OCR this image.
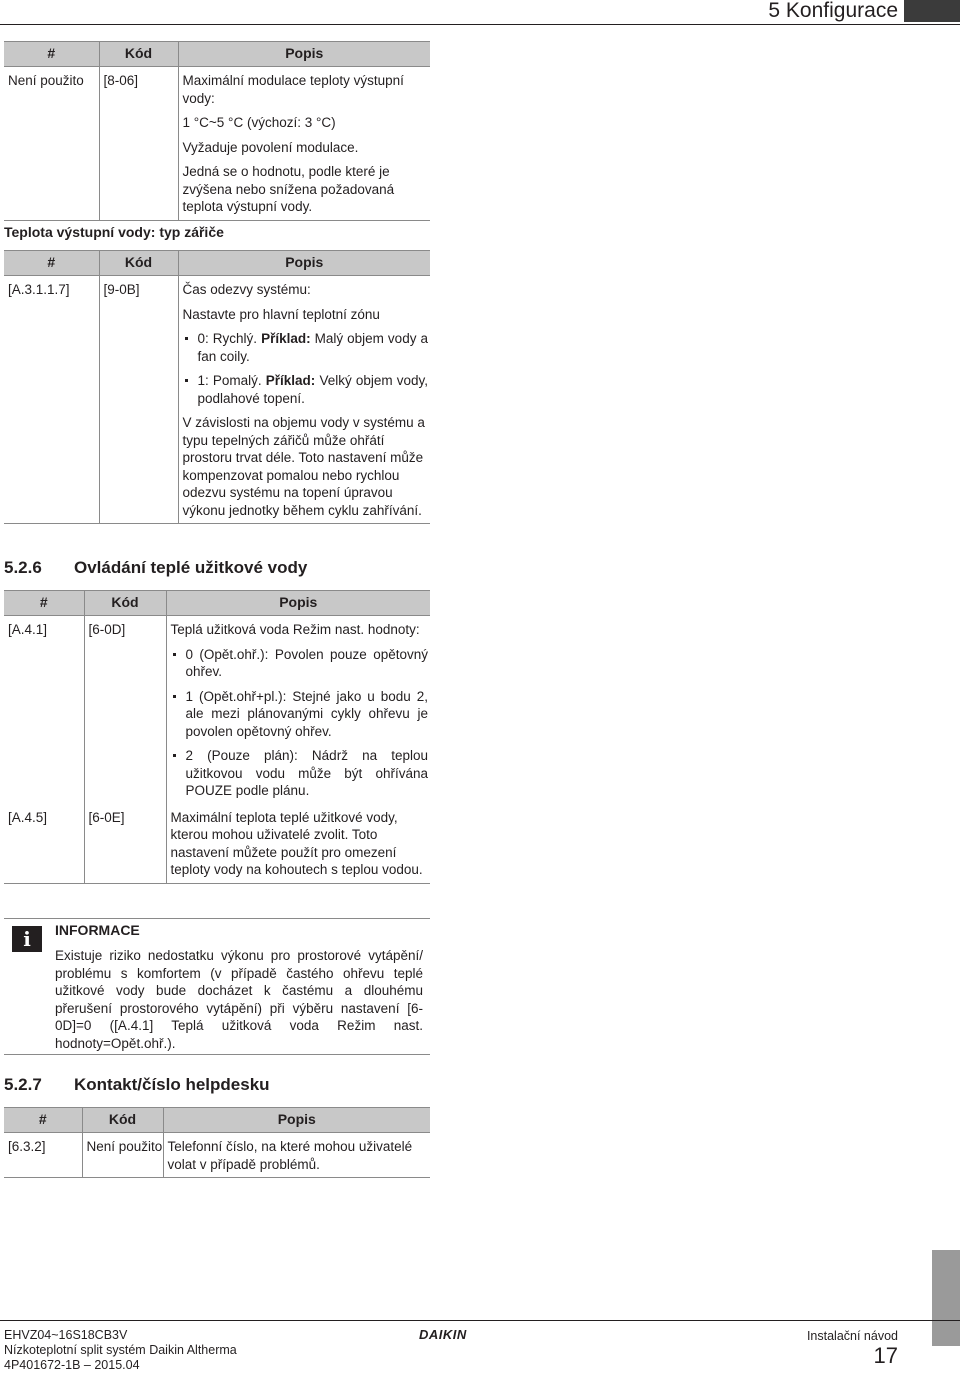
5 Konfigurace
#	Kód	Popis
Není použito	[8-06]	Maximální modulace teploty výstupní vody:
1 °C~5 °C (výchozí: 3 °C)
Vyžaduje povolení modulace.
Jedná se o hodnotu, podle které je zvýšena nebo snížena požadovaná teplota výstupní vody.
Teplota výstupní vody: typ zářiče
#	Kód	Popis
[A.3.1.1.7]	[9-0B]	Čas odezvy systému:
Nastavte pro hlavní teplotní zónu
0: Rychlý. Příklad: Malý objem vody a fan coily.
1: Pomalý. Příklad: Velký objem vody, podlahové topení.
V závislosti na objemu vody v systému a typu tepelných zářičů může ohřátí prostoru trvat déle. Toto nastavení může kompenzovat pomalou nebo rychlou odezvu systému na topení úpravou výkonu jednotky během cyklu zahřívání.
5.2.6 Ovládání teplé užitkové vody
#	Kód	Popis
[A.4.1]	[6-0D]	Teplá užitková voda Režim nast. hodnoty:
0 (Opět.ohř.): Povolen pouze opětovný ohřev.
1 (Opět.ohř+pl.): Stejné jako u bodu 2, ale mezi plánovanými cykly ohřevu je povolen opětovný ohřev.
2 (Pouze plán): Nádrž na teplou užitkovou vodu může být ohřívána POUZE podle plánu.

[A.4.5]	[6-0E]	Maximální teplota teplé užitkové vody, kterou mohou uživatelé zvolit. Toto nastavení můžete použít pro omezení teploty vody na kohoutech s teplou vodou.
i	INFORMACE
Existuje riziko nedostatku výkonu pro prostorové vytápění/ problému s komfortem (v případě častého ohřevu teplé užitkové vody bude docházet k častému a dlouhému přerušení prostorového vytápění) při výběru nastavení [6-0D]=0 ([A.4.1] Teplá užitková voda Režim nast. hodnoty=Opět.ohř.).
5.2.7 Kontakt/číslo helpdesku
#	Kód	Popis
[6.3.2]	Není použito	Telefonní číslo, na které mohou uživatelé volat v případě problémů.
EHVZ04~16S18CB3V
Nízkoteplotní split systém Daikin Altherma
4P401672-1B – 2015.04
DAIKIN	Instalační návod
17
